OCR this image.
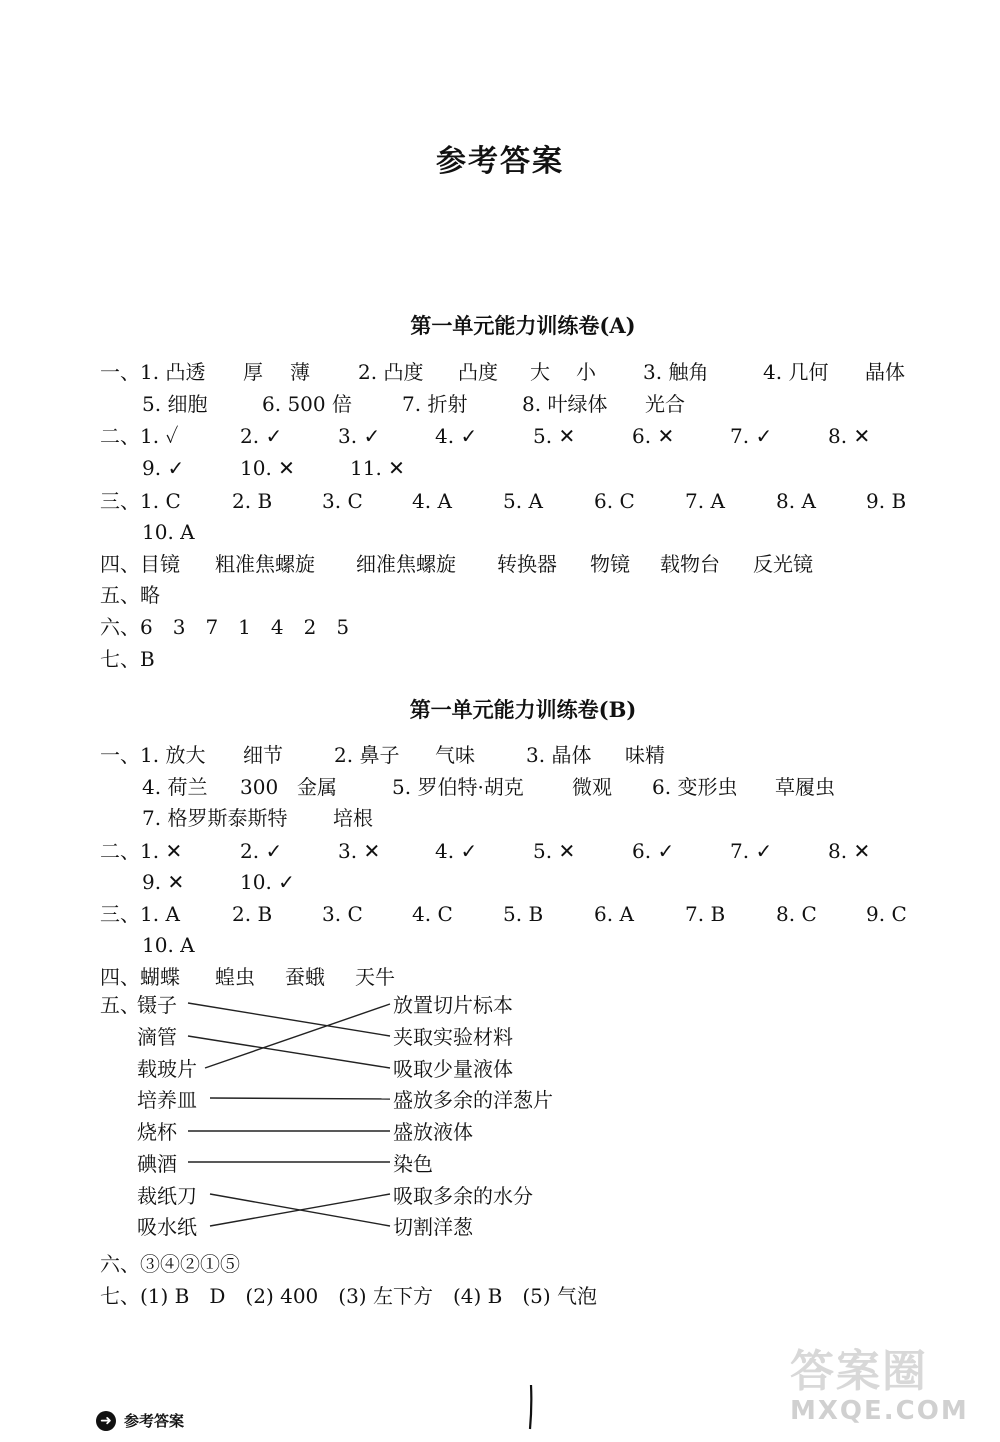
参考答案
第一单元能力训练卷(A)
一、1. 凸透 厚 薄 2. 凸度 凸度 大 小 3. 触角	4. 几何 晶体
5. 细胞	6. 500 倍	7. 折射	8. 叶绿体 光合
二、1. ✓	2. ✓	3. ✓	4. ✓	5. ✕	6. ✕	7. ✓	8. ✕
9. ✓	10. ✕	11. ✕
三、1. C	2. B 3. C 4. A	5. A	6. C	7. A	8. A	9. B
10. A
四、目镜 粗准焦螺旋 细准焦螺旋 转换器 物镜 载物台 反光镜
五、略
六、6　3　7　1　4　2　5
七、B
第一单元能力训练卷(B)
一、1. 放大 细节	2. 鼻子 气味	3. 晶体 味精
4. 荷兰 300 金属	5. 罗伯特·胡克 微观 6. 变形虫 草履虫
7. 格罗斯泰斯特 培根
二、1. ✕	2. ✓	3. ✕	4. ✓	5. ✕	6. ✓	7. ✓	8. ✕
9. ✕	10. ✓
三、1. A	2. B 3. C 4. C	5. B	6. A	7. B	8. C 9. C
10. A
四、蝴蝶 蝗虫 蚕蛾 天牛
五、
镊子
滴管
载玻片
培养皿
烧杯
碘酒
裁纸刀
吸水纸
放置切片标本
夹取实验材料
吸取少量液体
盛放多余的洋葱片
盛放液体
染色
吸取多余的水分
切割洋葱
六、③④②①⑤
七、(1) B　D　(2) 400　(3) 左下方　(4) B　(5) 气泡
➜ 参考答案
答案圈
MXQE.COM
